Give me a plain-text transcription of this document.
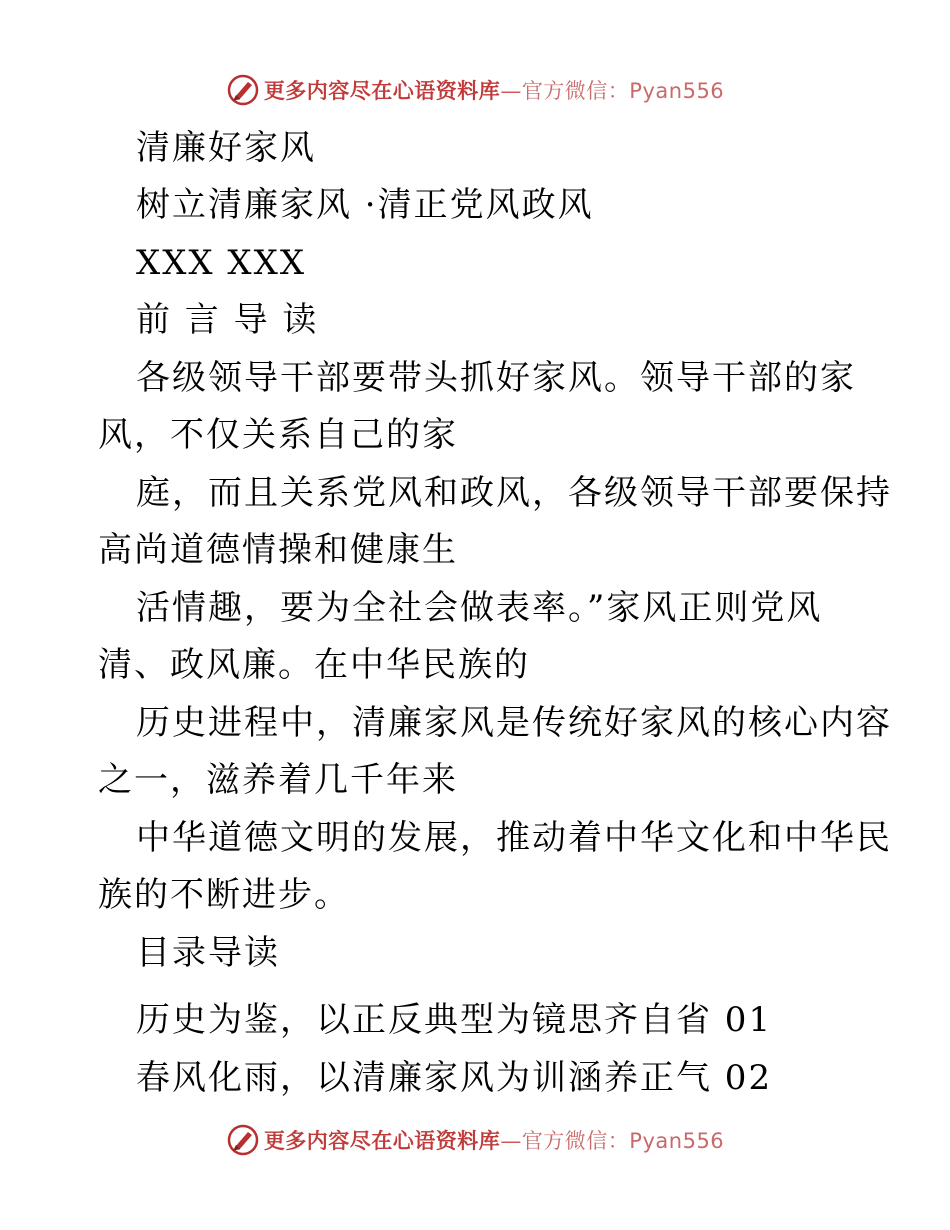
更多内容尽在心语资料库—官方微信：Pyan556
清廉好家风
树立清廉家风 ·清正党风政风
XXX XXX
前 言 导 读
各级领导干部要带头抓好家风。领导干部的家
风，不仅关系自己的家
庭，而且关系党风和政风，各级领导干部要保持
高尚道德情操和健康生
活情趣，要为全社会做表率。”家风正则党风
清、政风廉。在中华民族的
历史进程中，清廉家风是传统好家风的核心内容
之一，滋养着几千年来
中华道德文明的发展，推动着中华文化和中华民
族的不断进步。
目录导读
历史为鉴，以正反典型为镜思齐自省 01
春风化雨，以清廉家风为训涵养正气 02
更多内容尽在心语资料库—官方微信：Pyan556
